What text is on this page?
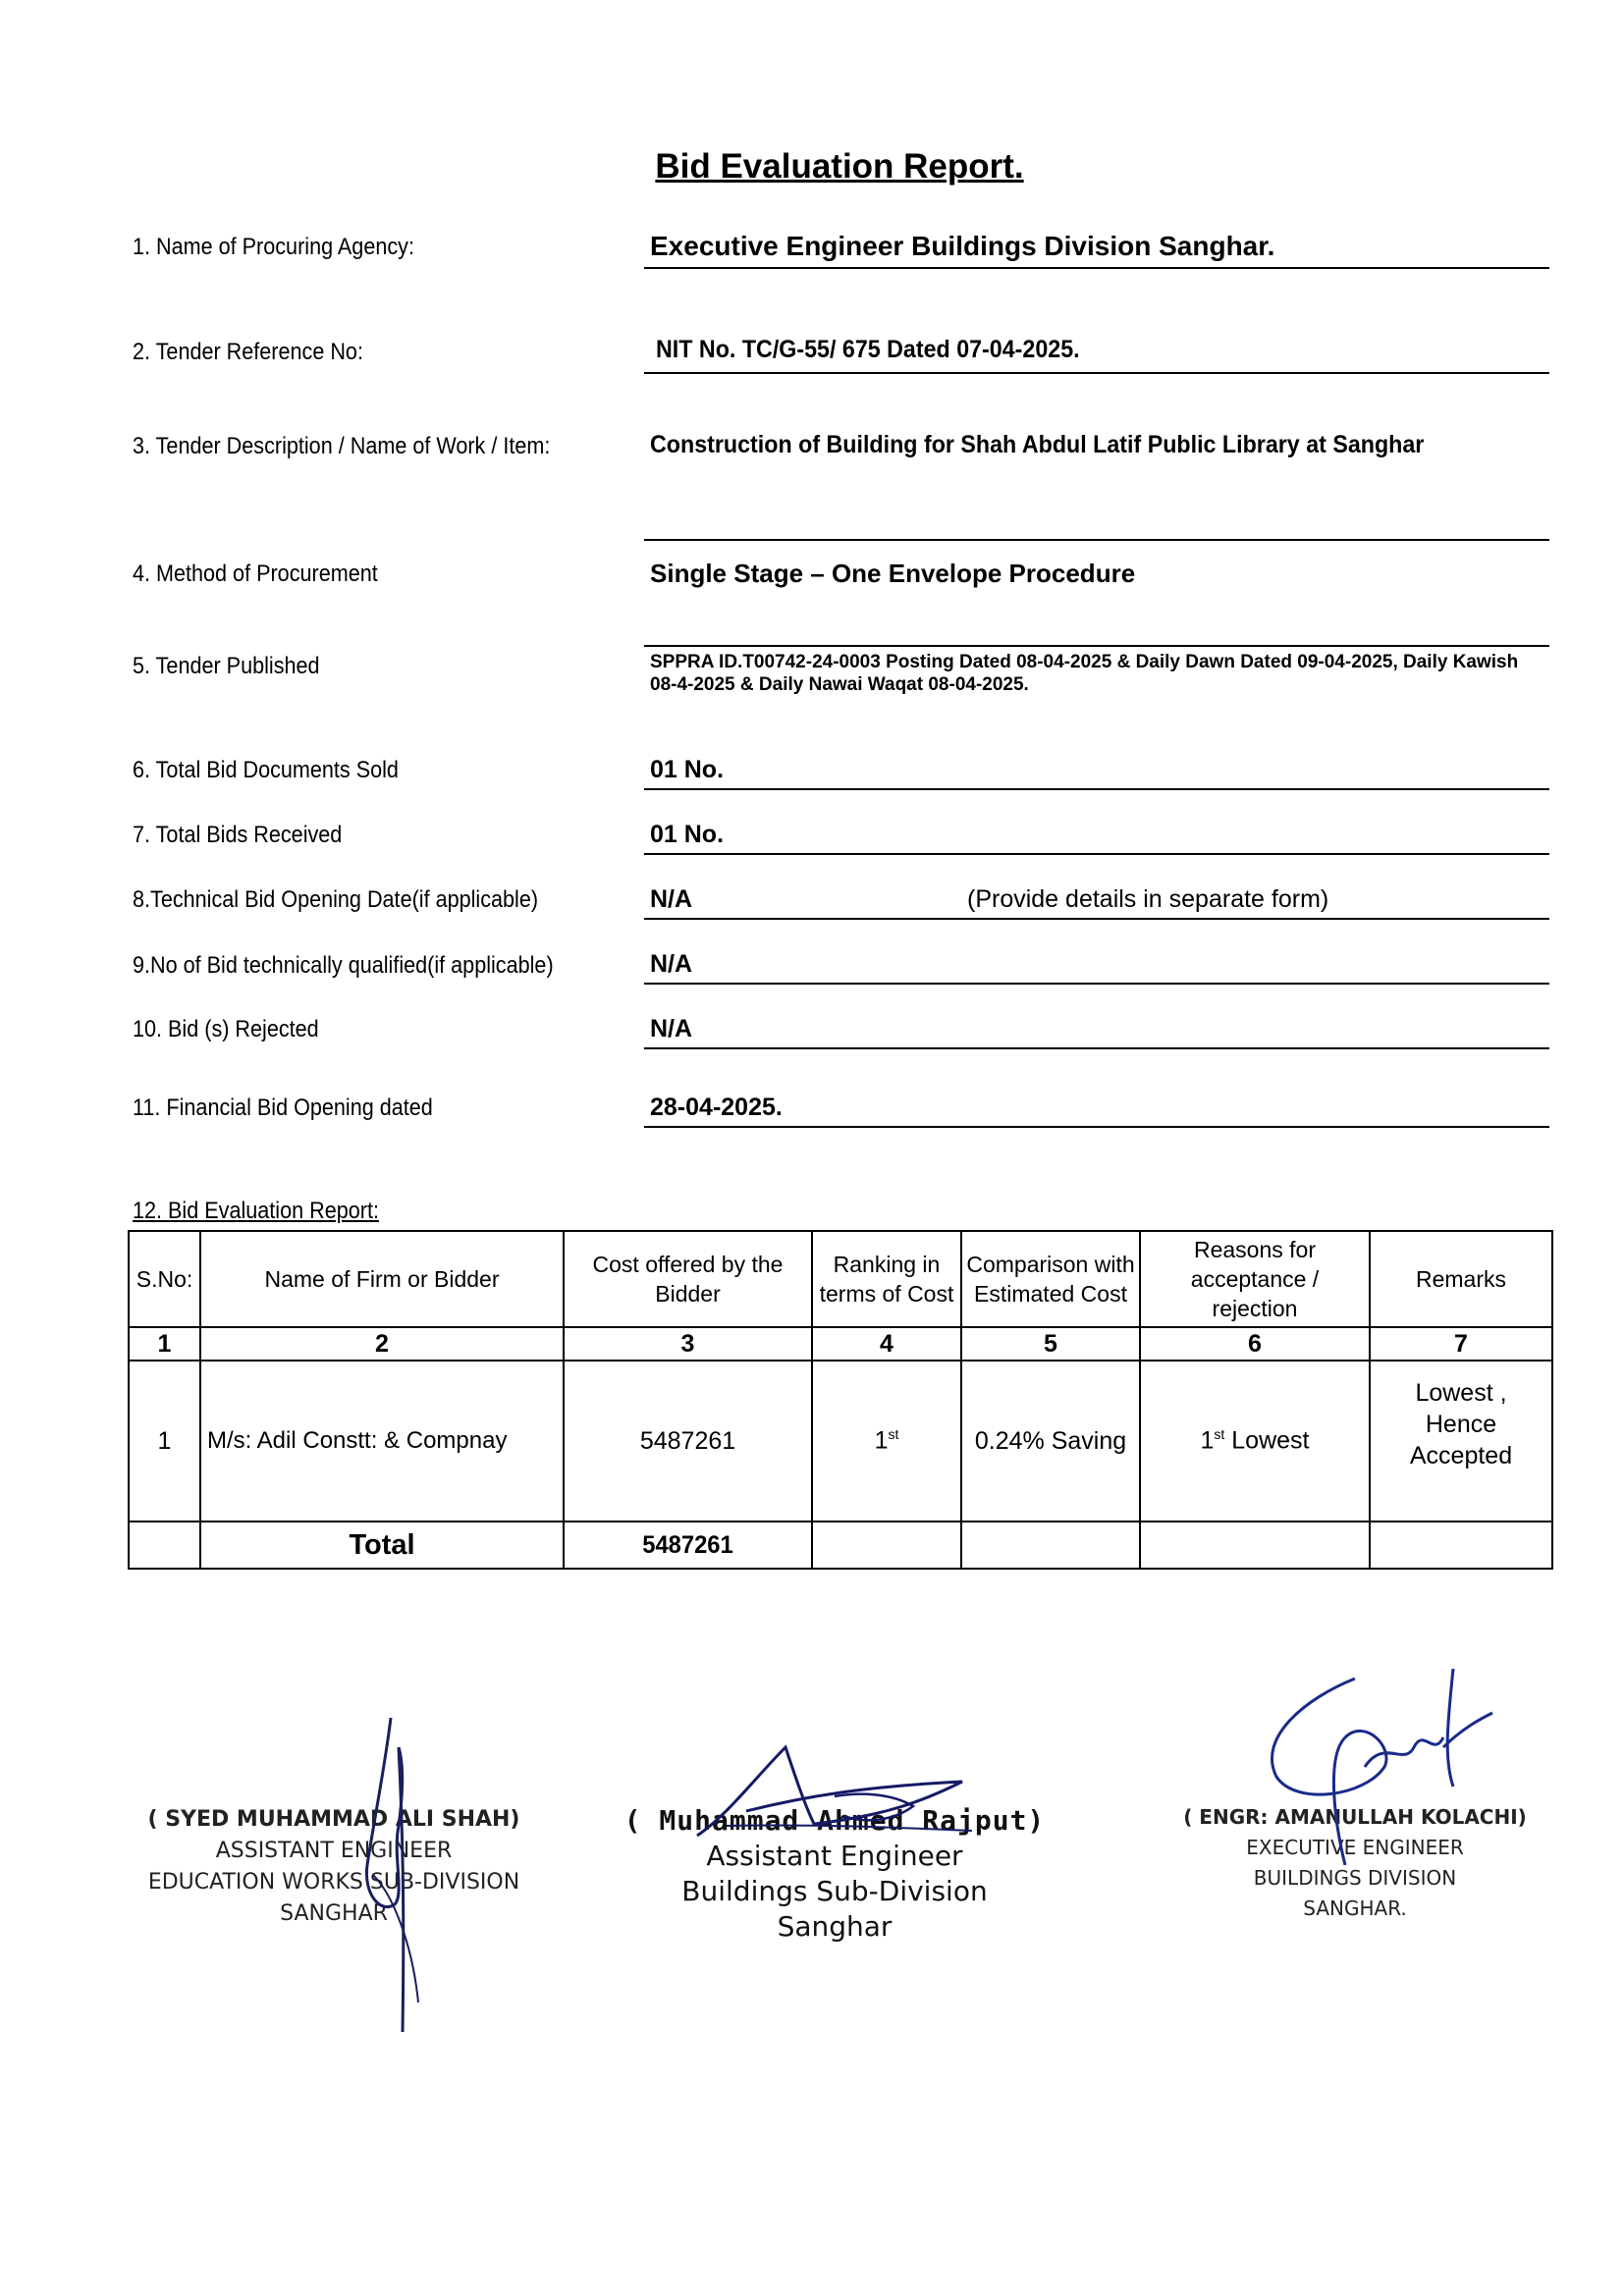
Bid Evaluation Report.
1. Name of Procuring Agency:	Executive Engineer Buildings Division Sanghar.
2. Tender Reference No:	NIT No. TC/G-55/ 675 Dated 07-04-2025.
3. Tender Description / Name of Work / Item:	Construction of Building for Shah Abdul Latif Public Library at Sanghar
4. Method of Procurement	Single Stage – One Envelope Procedure
5. Tender Published	SPPRA ID.T00742-24-0003 Posting Dated 08-04-2025 & Daily Dawn Dated 09-04-2025, Daily Kawish 08-4-2025 & Daily Nawai Waqat 08-04-2025.
6. Total Bid Documents Sold	01 No.
7. Total Bids Received	01 No.
8.Technical Bid Opening Date(if applicable)	N/A	(Provide details in separate form)
9.No of Bid technically qualified(if applicable)	N/A
10. Bid (s) Rejected	N/A
11. Financial Bid Opening dated	28-04-2025.
12. Bid Evaluation Report:
S.No:	Name of Firm or Bidder	Cost offered by the Bidder	Ranking in terms of Cost	Comparison with Estimated Cost	Reasons for acceptance / rejection	Remarks
1	2	3	4	5	6	7
1	M/s: Adil Constt: & Compnay	5487261	1st	0.24% Saving	1st Lowest	Lowest , Hence Accepted
	Total	5487261				
( SYED MUHAMMAD ALI SHAH)
ASSISTANT ENGINEER
EDUCATION WORKS SUB-DIVISION
SANGHAR
( Muhammad Ahmed Rajput)
Assistant Engineer
Buildings Sub-Division
Sanghar
( ENGR: AMANULLAH KOLACHI)
EXECUTIVE ENGINEER
BUILDINGS DIVISION
SANGHAR.
